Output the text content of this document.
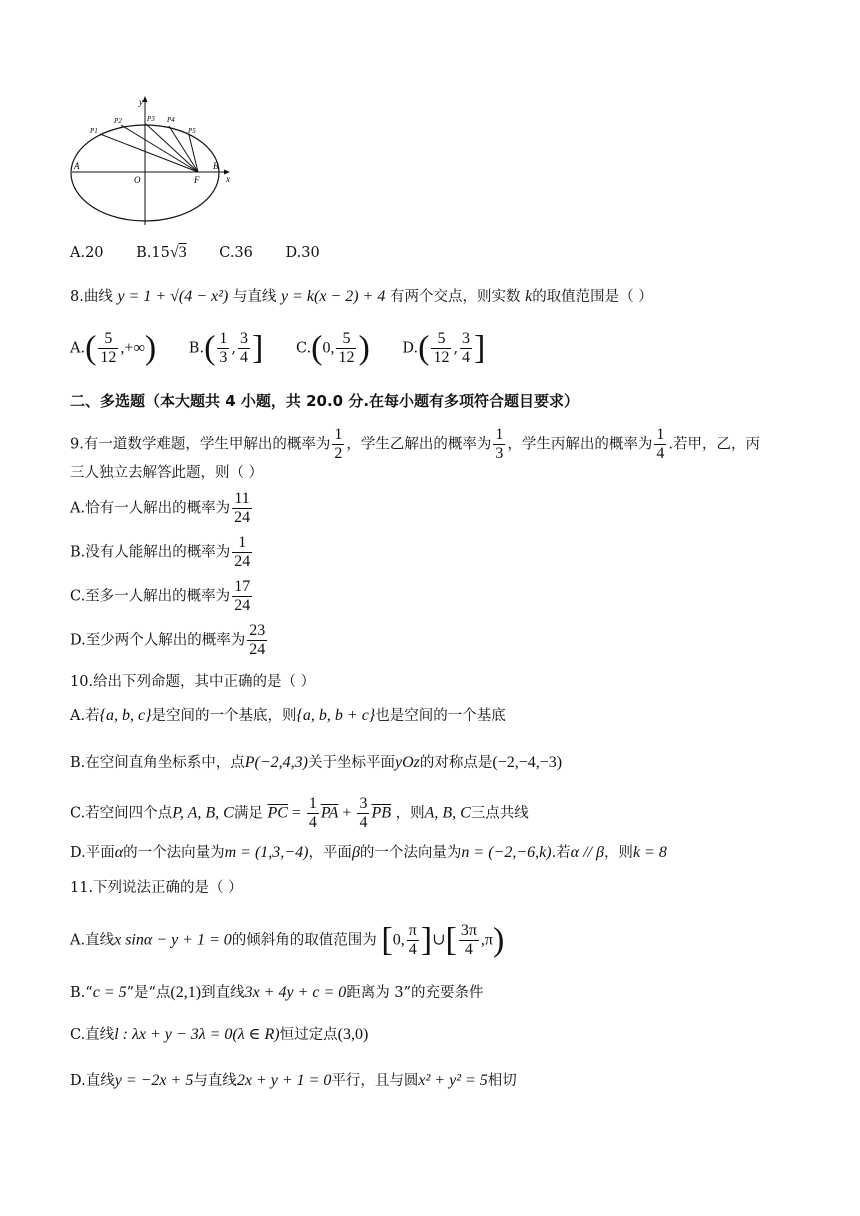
y
x
O
A	B
F
P1
P2	P3 P4
P5
A.20 B.15√3 C.36 D.30
8.曲线 y = 1 + √(4 − x²) 与直线 y = k(x − 2) + 4 有两个交点，则实数 k的取值范围是（ ）
$A.( \frac{5}{12}$ ,+∞) $B.( \frac{1}{3}$ , $\frac{3}{4}$ ] C.(0, $\frac{5}{12}$ ) $D.( \frac{5}{12}$ , $\frac{3}{4}$ ]
二、多选题（本大题共 4 小题，共 20.0 分.在每小题有多项符合题目要求）
9.有一道数学难题，学生甲解出的概率为 $\frac{1}{2}$ ，学生乙解出的概率为 $\frac{1}{3}$ ，学生丙解出的概率为 $\frac{1}{4}$ .若甲，乙，丙
三人独立去解答此题，则（ ）
A.恰有一人解出的概率为 $\frac{11}{24}$
B.没有人能解出的概率为 $\frac{1}{24}$
C.至多一人解出的概率为 $\frac{17}{24}$
D.至少两个人解出的概率为 $\frac{23}{24}$
10.给出下列命题，其中正确的是（ ）
A.若{a, b, c}是空间的一个基底，则{a, b, b + c}也是空间的一个基底
B.在空间直角坐标系中，点P(−2,4,3)关于坐标平面yOz的对称点是(−2,−4,−3)
C.若空间四个点P, A, B, C满足 $\overline{PC} = \frac{1}{4} \overline{PA} + \frac{3}{4} \overline{PB}$ ，则A, B, C三点共线
D.平面α的一个法向量为m = (1,3,−4)，平面β的一个法向量为n = (−2,−6,k).若α // β，则k = 8
11.下列说法正确的是（ ）
A.直线x sinα − y + 1 = 0的倾斜角的取值范围为 [0, $\frac{\pi}{4}$ ]∪[ $\frac{3\pi}{4} ,\pi$)
B.“c = 5”是“点(2,1)到直线3x + 4y + c = 0距离为 3”的充要条件
C.直线l : λx + y − 3λ = 0(λ ∈ R)恒过定点(3,0)
D.直线y = −2x + 5与直线2x + y + 1 = 0平行，且与圆x² + y² = 5相切
